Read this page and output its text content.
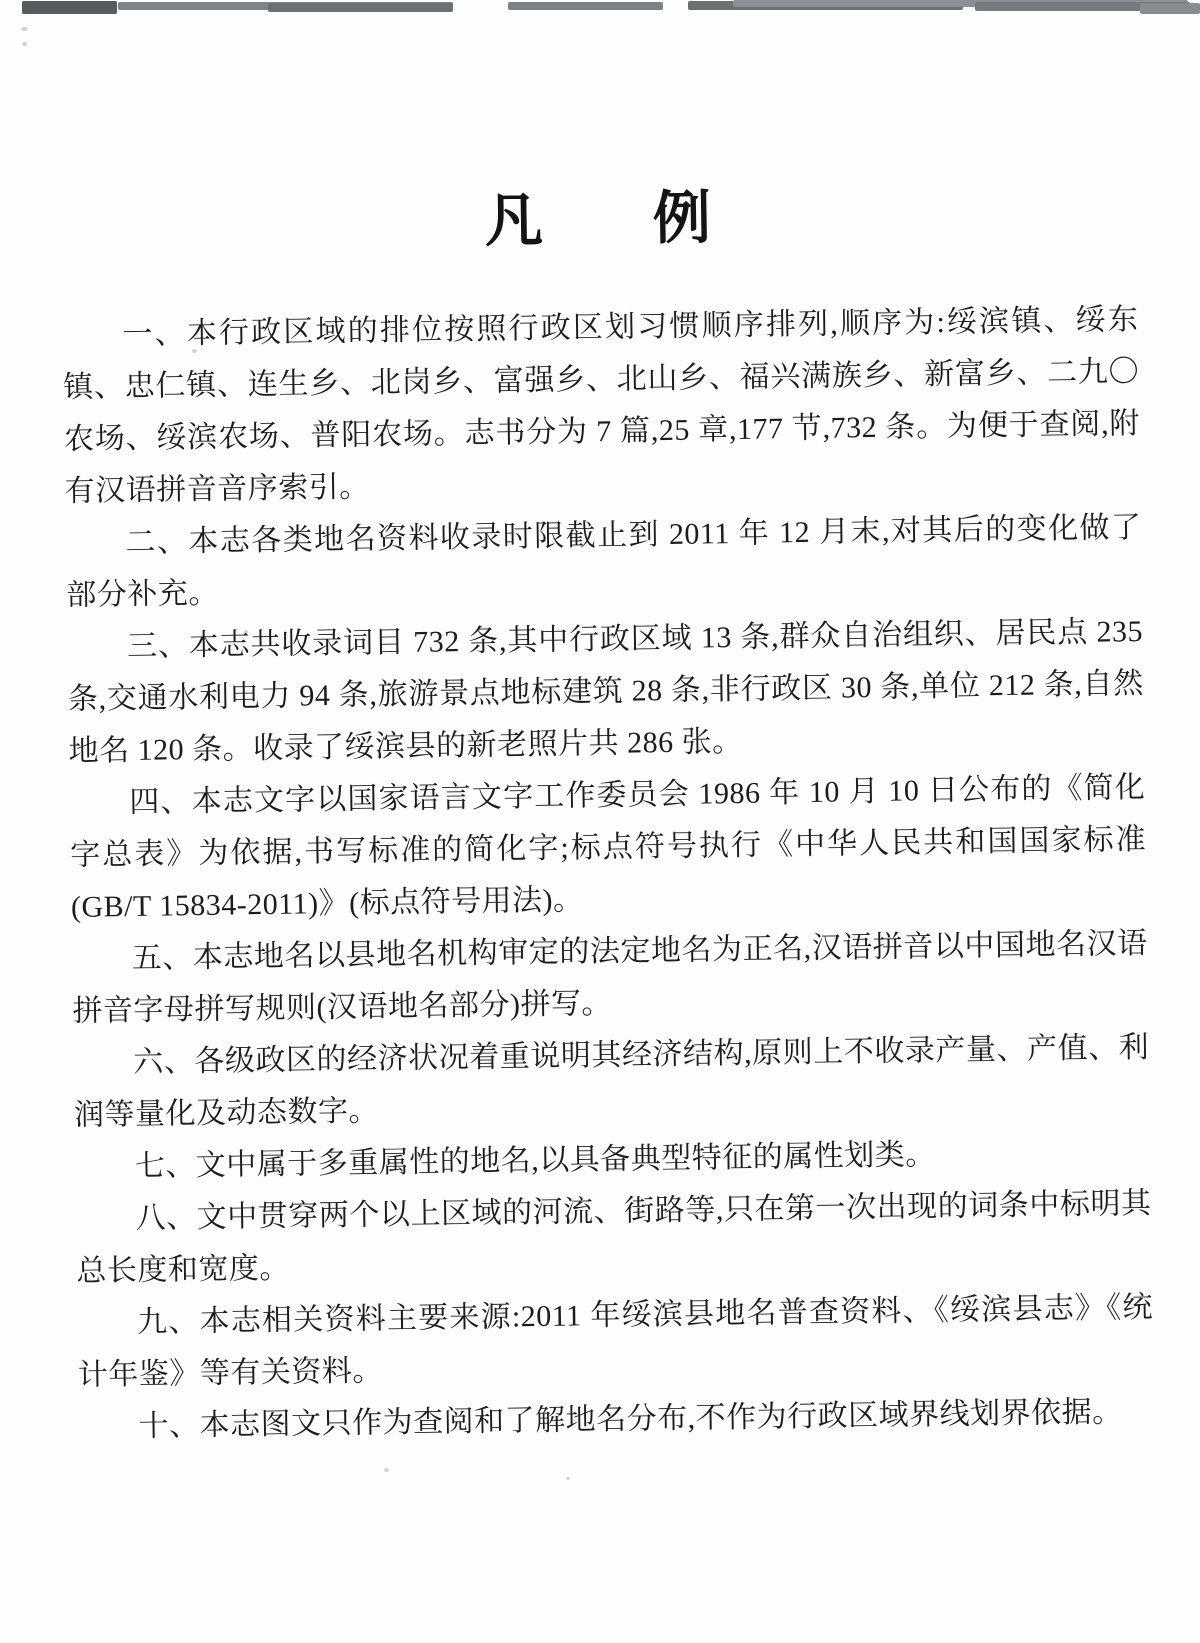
凡 例

一、本行政区域的排位按照行政区划习惯顺序排列,顺序为:绥滨镇、绥东镇、忠仁镇、连生乡、北岗乡、富强乡、北山乡、福兴满族乡、新富乡、二九〇农场、绥滨农场、普阳农场。志书分为 7 篇,25 章,177 节,732 条。为便于查阅,附有汉语拼音音序索引。

二、本志各类地名资料收录时限截止到 2011 年 12 月末,对其后的变化做了部分补充。

三、本志共收录词目 732 条,其中行政区域 13 条,群众自治组织、居民点 235 条,交通水利电力 94 条,旅游景点地标建筑 28 条,非行政区 30 条,单位 212 条,自然地名 120 条。收录了绥滨县的新老照片共 286 张。

四、本志文字以国家语言文字工作委员会 1986 年 10 月 10 日公布的《简化字总表》为依据,书写标准的简化字;标点符号执行《中华人民共和国国家标准(GB/T 15834-2011)》(标点符号用法)。

五、本志地名以县地名机构审定的法定地名为正名,汉语拼音以中国地名汉语拼音字母拼写规则(汉语地名部分)拼写。

六、各级政区的经济状况着重说明其经济结构,原则上不收录产量、产值、利润等量化及动态数字。

七、文中属于多重属性的地名,以具备典型特征的属性划类。

八、文中贯穿两个以上区域的河流、街路等,只在第一次出现的词条中标明其总长度和宽度。

九、本志相关资料主要来源:2011 年绥滨县地名普查资料、《绥滨县志》《统计年鉴》等有关资料。

十、本志图文只作为查阅和了解地名分布,不作为行政区域界线划界依据。
